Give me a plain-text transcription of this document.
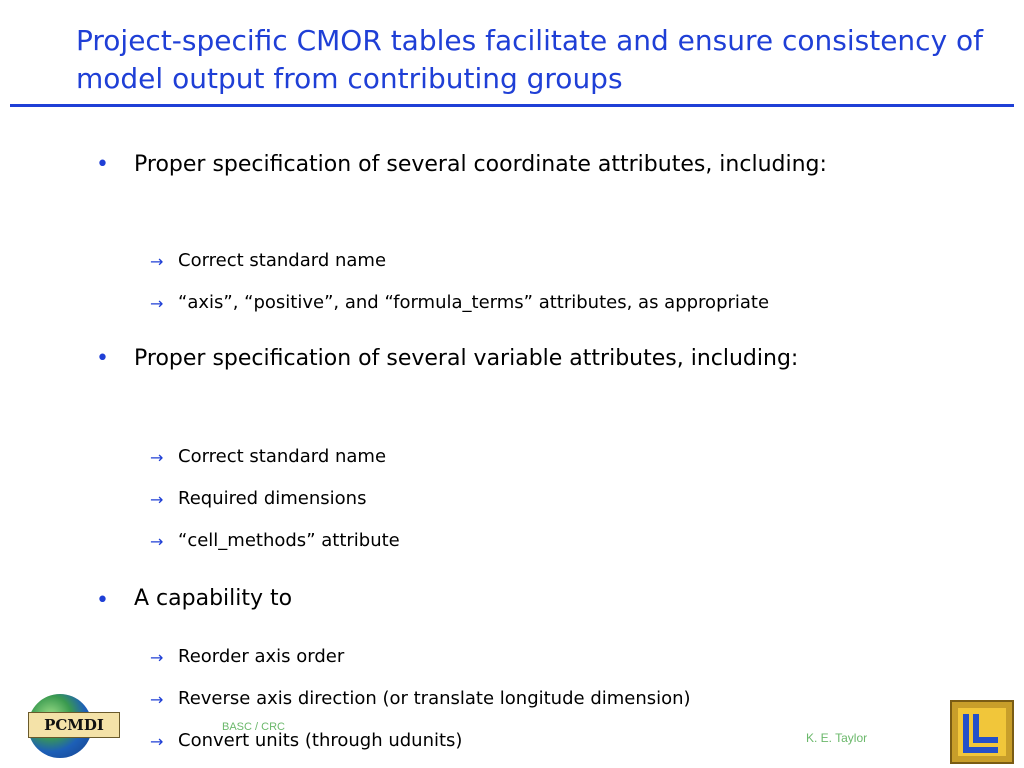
Project-specific CMOR tables facilitate and ensure consistency of model output from contributing groups
• Proper specification of several coordinate attributes, including:
→ Correct standard name
→ “axis”, “positive”, and “formula_terms” attributes, as appropriate
• Proper specification of several variable attributes, including:
→ Correct standard name
→ Required dimensions
→ “cell_methods” attribute
• A capability to
→ Reorder axis order
→ Reverse axis direction (or translate longitude dimension)
→ Convert units (through udunits)
PCMDI	BASC / CRC
K. E. Taylor
